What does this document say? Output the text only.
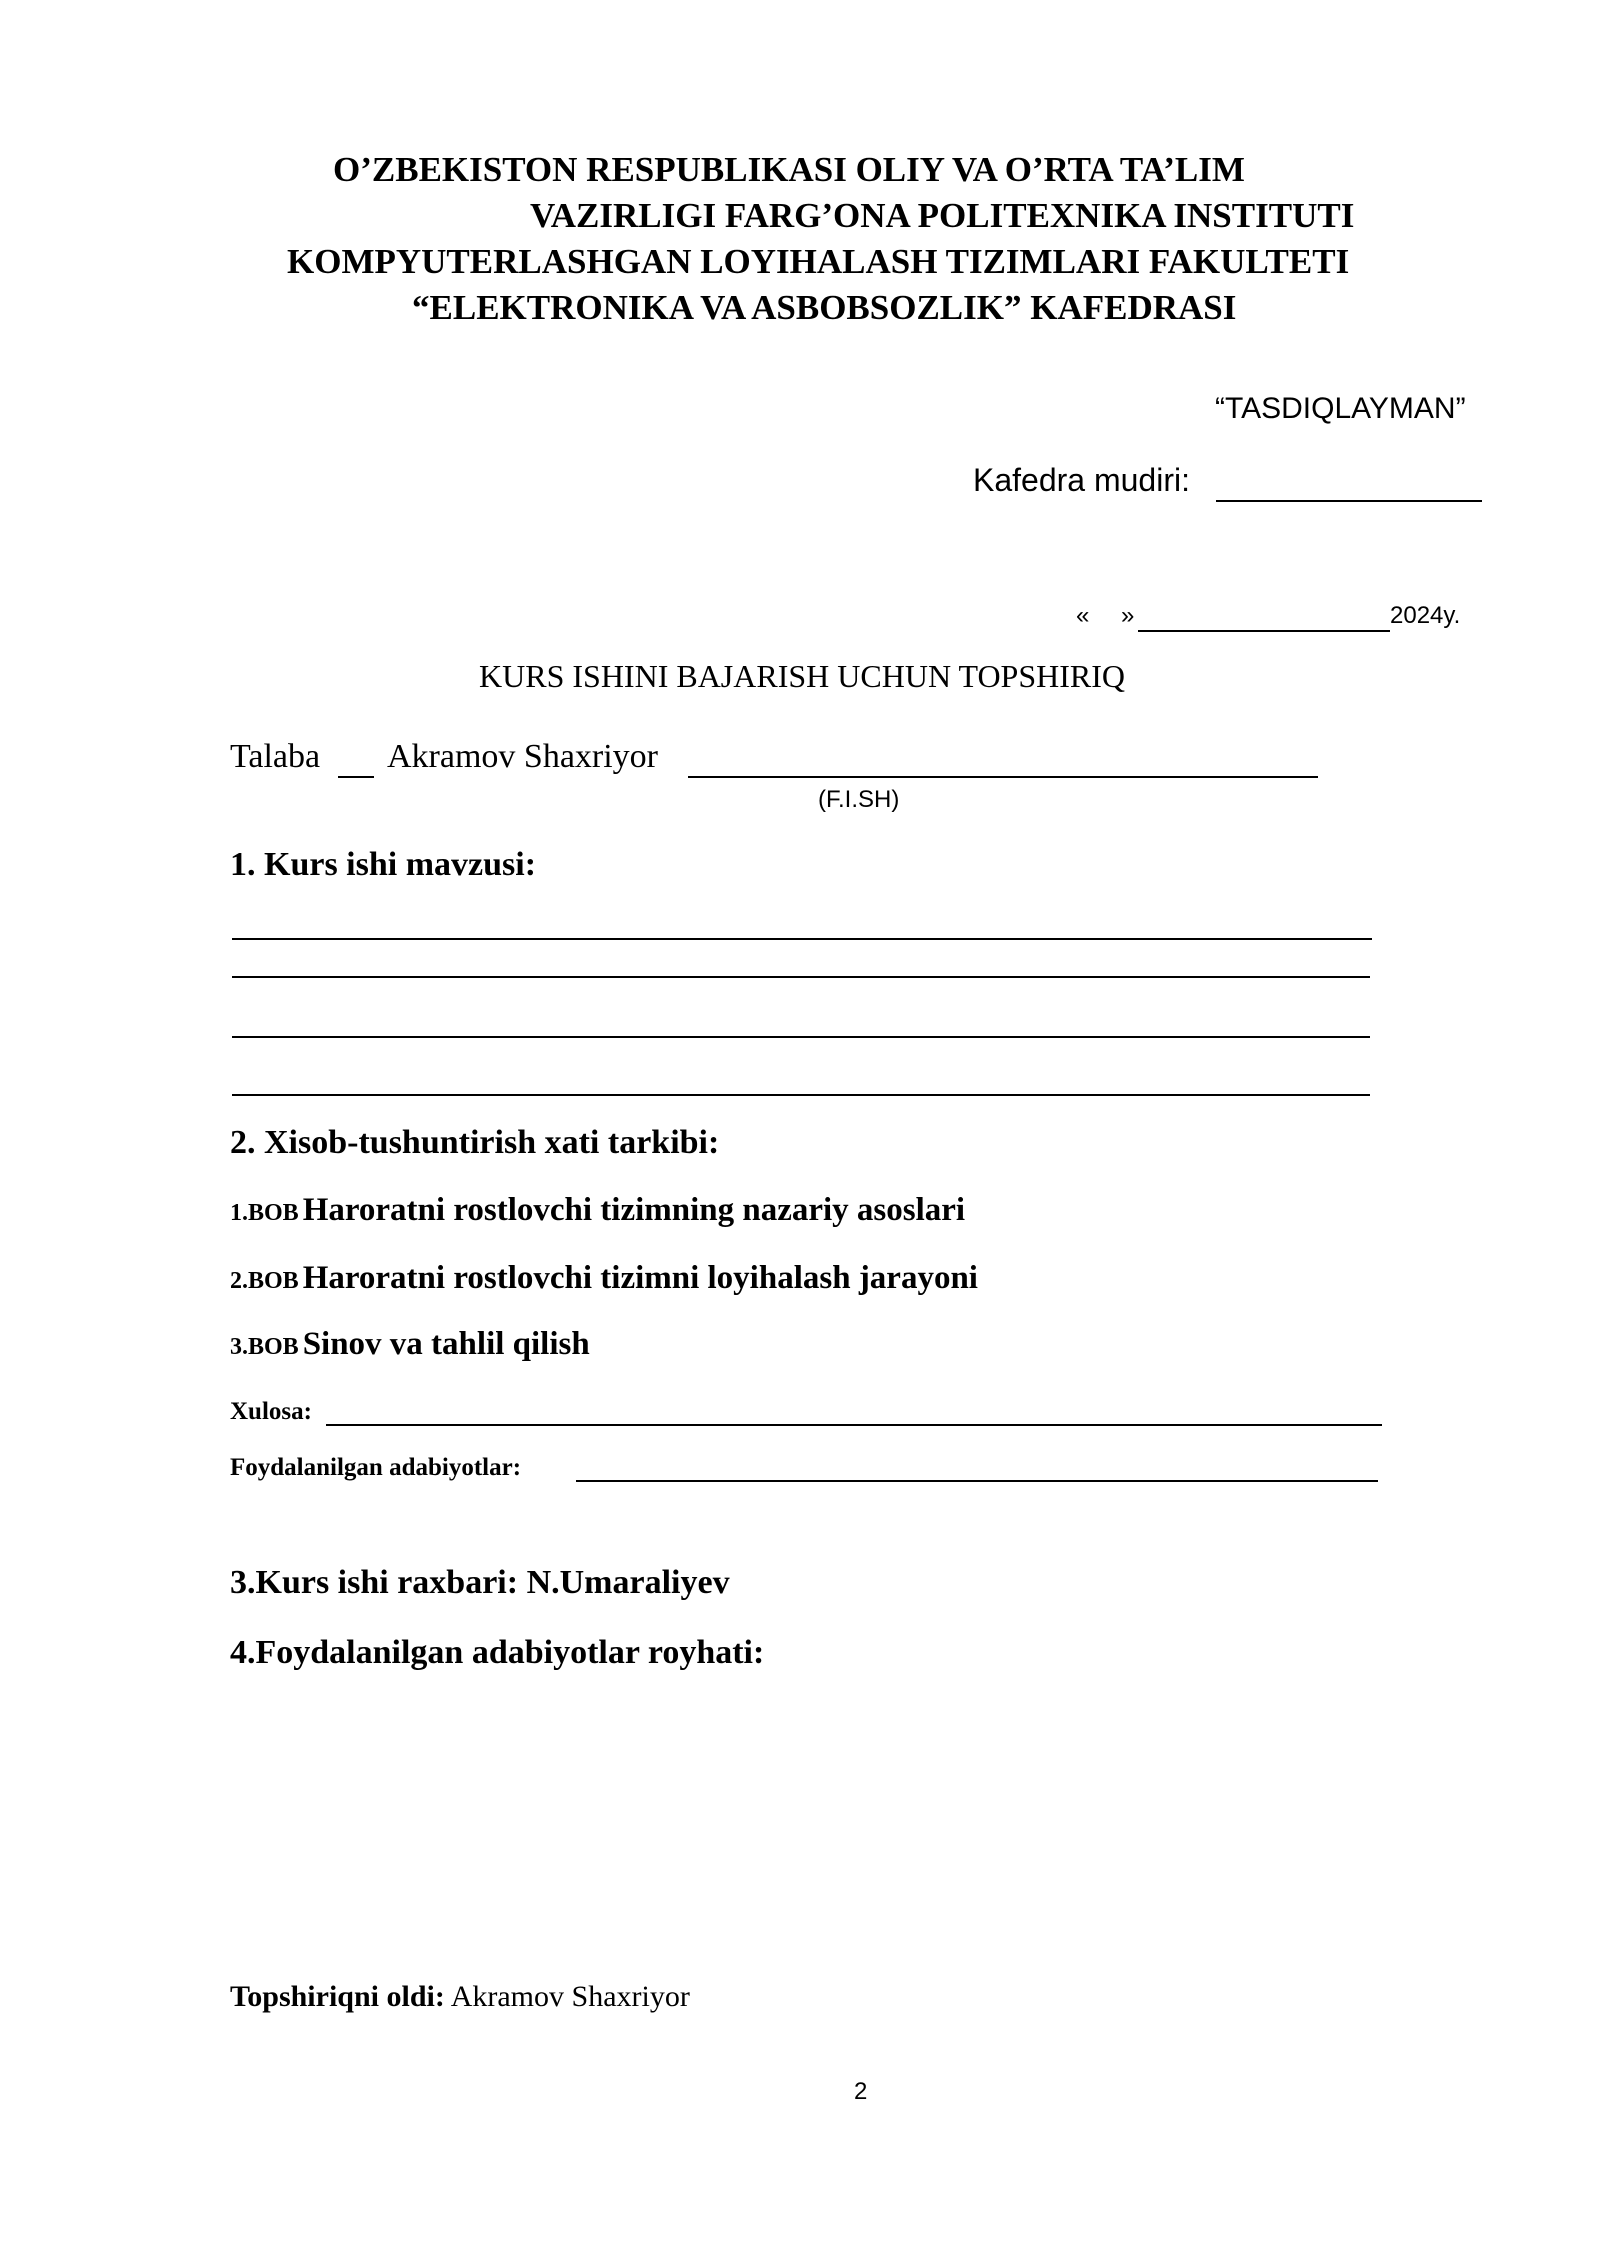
O’ZBEKISTON RESPUBLIKASI OLIY VA O’RTA TA’LIM
VAZIRLIGI FARG’ONA POLITEXNIKA INSTITUTI
KOMPYUTERLASHGAN LOYIHALASH TIZIMLARI FAKULTETI
“ELEKTRONIKA VA ASBOBSOZLIK” KAFEDRASI
“TASDIQLAYMAN”
Kafedra mudiri:
« »	2024y.
KURS ISHINI BAJARISH UCHUN TOPSHIRIQ
Talaba Akramov Shaxriyor
(F.I.SH)
1. Kurs ishi mavzusi:
2. Xisob-tushuntirish xati tarkibi:
1.BOB Haroratni rostlovchi tizimning nazariy asoslari
2.BOB Haroratni rostlovchi tizimni loyihalash jarayoni
3.BOB Sinov va tahlil qilish
Xulosa:
Foydalanilgan adabiyotlar:
3.Kurs ishi raxbari: N.Umaraliyev
4.Foydalanilgan adabiyotlar royhati:
Topshiriqni oldi: Akramov Shaxriyor
2
